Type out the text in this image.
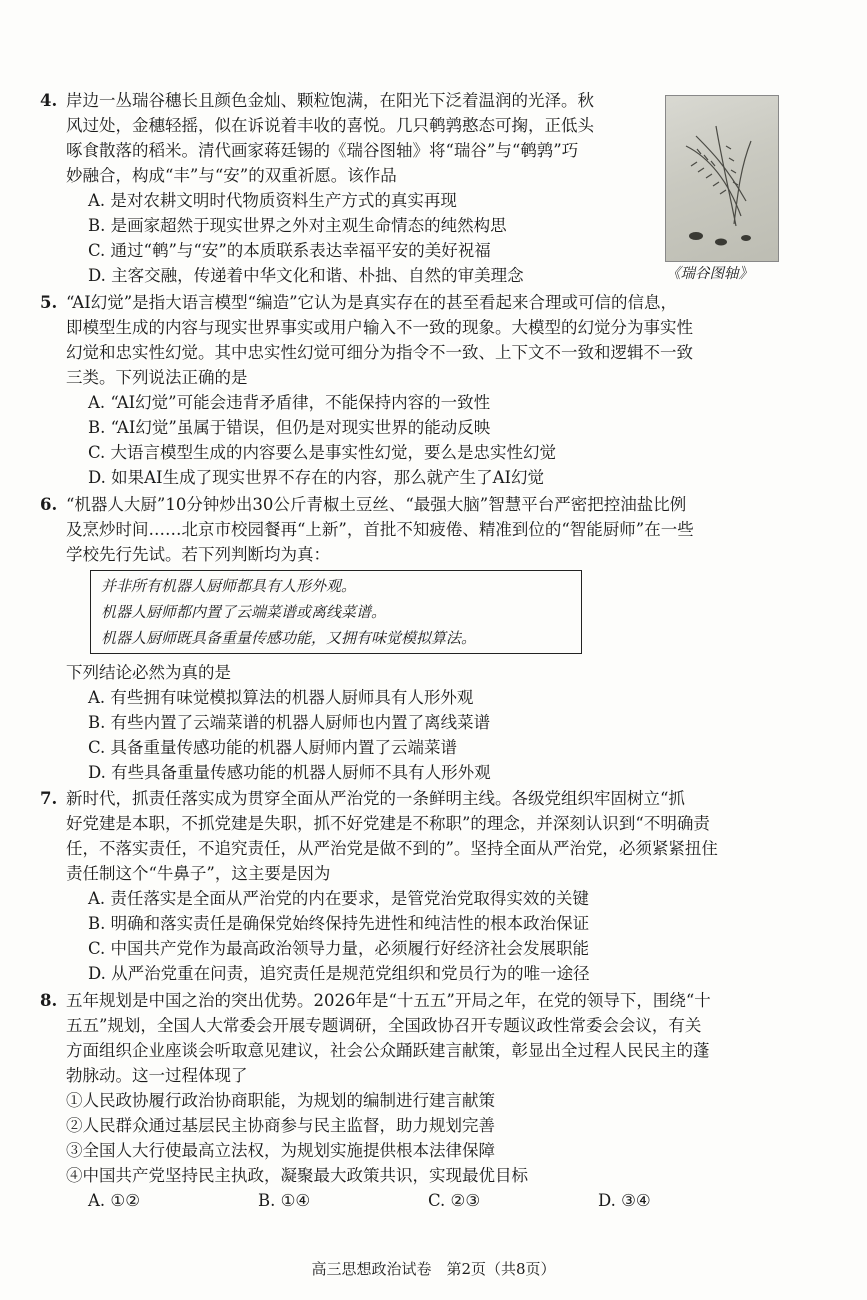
4. 岸边一丛瑞谷穗长且颜色金灿、颗粒饱满，在阳光下泛着温润的光泽。秋

风过处，金穗轻摇，似在诉说着丰收的喜悦。几只鹌鹑憨态可掬，正低头

啄食散落的稻米。清代画家蒋廷锡的《瑞谷图轴》将“瑞谷”与“鹌鹑”巧

妙融合，构成“丰”与“安”的双重祈愿。该作品

A. 是对农耕文明时代物质资料生产方式的真实再现

B. 是画家超然于现实世界之外对主观生命情态的纯然构思

C. 通过“鹌”与“安”的本质联系表达幸福平安的美好祝福

D. 主客交融，传递着中华文化和谐、朴拙、自然的审美理念	《瑞谷图轴》

5. “AI幻觉”是指大语言模型“编造”它认为是真实存在的甚至看起来合理或可信的信息，

即模型生成的内容与现实世界事实或用户输入不一致的现象。大模型的幻觉分为事实性

幻觉和忠实性幻觉。其中忠实性幻觉可细分为指令不一致、上下文不一致和逻辑不一致

三类。下列说法正确的是

A. “AI幻觉”可能会违背矛盾律，不能保持内容的一致性

B. “AI幻觉”虽属于错误，但仍是对现实世界的能动反映

C. 大语言模型生成的内容要么是事实性幻觉，要么是忠实性幻觉

D. 如果AI生成了现实世界不存在的内容，那么就产生了AI幻觉

6. “机器人大厨”10分钟炒出30公斤青椒土豆丝、“最强大脑”智慧平台严密把控油盐比例

及烹炒时间……北京市校园餐再“上新”，首批不知疲倦、精准到位的“智能厨师”在一些

学校先行先试。若下列判断均为真：

并非所有机器人厨师都具有人形外观。

机器人厨师都内置了云端菜谱或离线菜谱。

机器人厨师既具备重量传感功能，又拥有味觉模拟算法。

下列结论必然为真的是

A. 有些拥有味觉模拟算法的机器人厨师具有人形外观

B. 有些内置了云端菜谱的机器人厨师也内置了离线菜谱

C. 具备重量传感功能的机器人厨师内置了云端菜谱

D. 有些具备重量传感功能的机器人厨师不具有人形外观

7. 新时代，抓责任落实成为贯穿全面从严治党的一条鲜明主线。各级党组织牢固树立“抓

好党建是本职，不抓党建是失职，抓不好党建是不称职”的理念，并深刻认识到“不明确责

任，不落实责任，不追究责任，从严治党是做不到的”。坚持全面从严治党，必须紧紧扭住

责任制这个“牛鼻子”，这主要是因为

A. 责任落实是全面从严治党的内在要求，是管党治党取得实效的关键

B. 明确和落实责任是确保党始终保持先进性和纯洁性的根本政治保证

C. 中国共产党作为最高政治领导力量，必须履行好经济社会发展职能

D. 从严治党重在问责，追究责任是规范党组织和党员行为的唯一途径

8. 五年规划是中国之治的突出优势。2026年是“十五五”开局之年，在党的领导下，围绕“十

五五”规划，全国人大常委会开展专题调研，全国政协召开专题议政性常委会会议，有关

方面组织企业座谈会听取意见建议，社会公众踊跃建言献策，彰显出全过程人民民主的蓬

勃脉动。这一过程体现了

①人民政协履行政治协商职能，为规划的编制进行建言献策

②人民群众通过基层民主协商参与民主监督，助力规划完善

③全国人大行使最高立法权，为规划实施提供根本法律保障

④中国共产党坚持民主执政，凝聚最大政策共识，实现最优目标

A. ①②	B. ①④	C. ②③	D. ③④

高三思想政治试卷　第2页（共8页）
